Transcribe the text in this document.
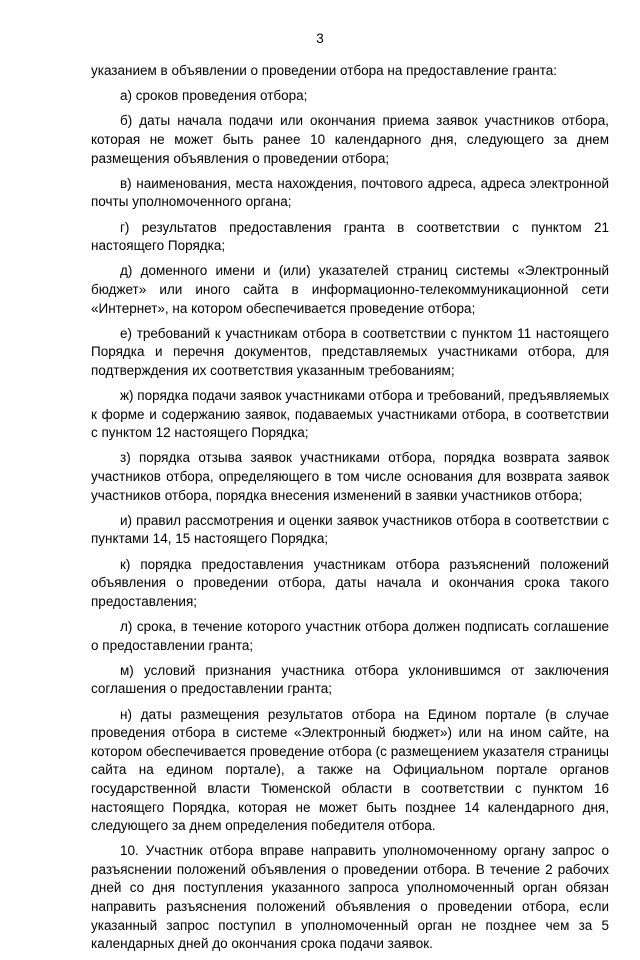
3

указанием в объявлении о проведении отбора на предоставление гранта:

а) сроков проведения отбора;

б) даты начала подачи или окончания приема заявок участников отбора, которая не может быть ранее 10 календарного дня, следующего за днем размещения объявления о проведении отбора;

в) наименования, места нахождения, почтового адреса, адреса электронной почты уполномоченного органа;

г) результатов предоставления гранта в соответствии с пунктом 21 настоящего Порядка;

д) доменного имени и (или) указателей страниц системы «Электронный бюджет» или иного сайта в информационно-телекоммуникационной сети «Интернет», на котором обеспечивается проведение отбора;

е) требований к участникам отбора в соответствии с пунктом 11 настоящего Порядка и перечня документов, представляемых участниками отбора, для подтверждения их соответствия указанным требованиям;

ж) порядка подачи заявок участниками отбора и требований, предъявляемых к форме и содержанию заявок, подаваемых участниками отбора, в соответствии с пунктом 12 настоящего Порядка;

з) порядка отзыва заявок участниками отбора, порядка возврата заявок участников отбора, определяющего в том числе основания для возврата заявок участников отбора, порядка внесения изменений в заявки участников отбора;

и) правил рассмотрения и оценки заявок участников отбора в соответствии с пунктами 14, 15 настоящего Порядка;

к) порядка предоставления участникам отбора разъяснений положений объявления о проведении отбора, даты начала и окончания срока такого предоставления;

л) срока, в течение которого участник отбора должен подписать соглашение о предоставлении гранта;

м) условий признания участника отбора уклонившимся от заключения соглашения о предоставлении гранта;

н) даты размещения результатов отбора на Едином портале (в случае проведения отбора в системе «Электронный бюджет») или на ином сайте, на котором обеспечивается проведение отбора (с размещением указателя страницы сайта на едином портале), а также на Официальном портале органов государственной власти Тюменской области в соответствии с пунктом 16 настоящего Порядка, которая не может быть позднее 14 календарного дня, следующего за днем определения победителя отбора.

10. Участник отбора вправе направить уполномоченному органу запрос о разъяснении положений объявления о проведении отбора. В течение 2 рабочих дней со дня поступления указанного запроса уполномоченный орган обязан направить разъяснения положений объявления о проведении отбора, если указанный запрос поступил в уполномоченный орган не позднее чем за 5 календарных дней до окончания срока подачи заявок.
